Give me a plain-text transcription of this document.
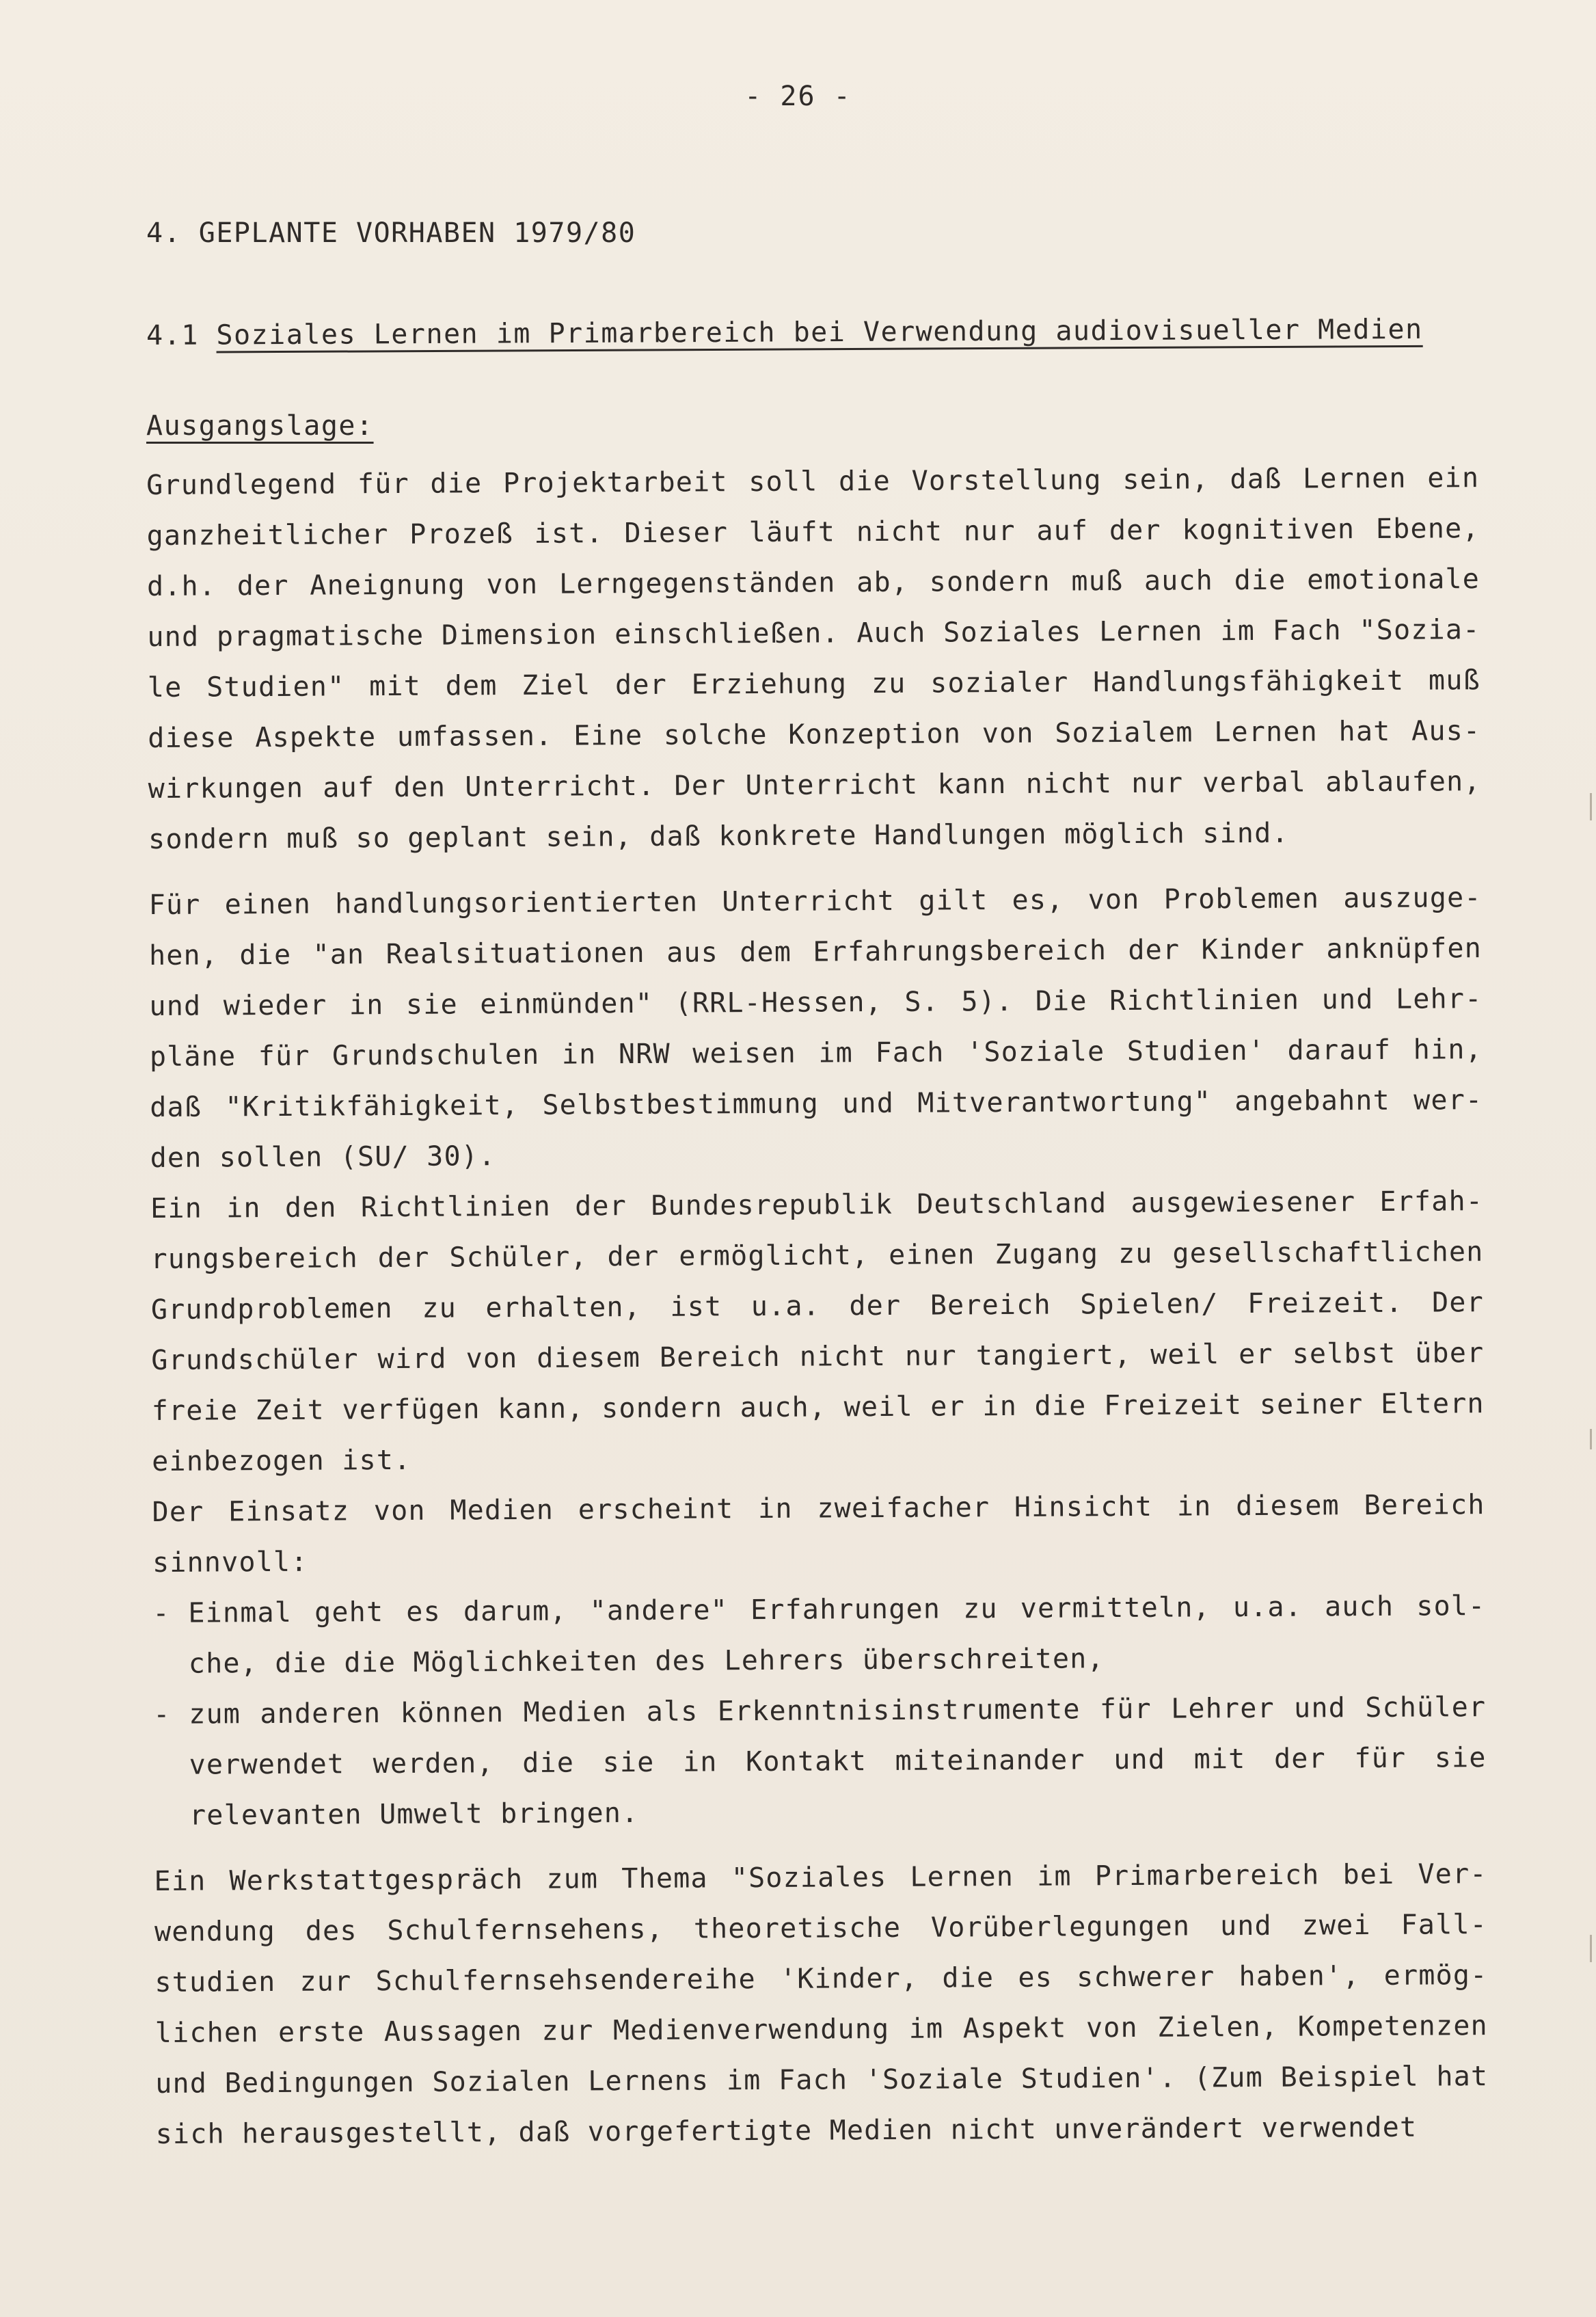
- 26 -
4. GEPLANTE VORHABEN 1979/80
4.1 Soziales Lernen im Primarbereich bei Verwendung audiovisueller Medien
Ausgangslage:

Grundlegend für die Projektarbeit soll die Vorstellung sein, daß Lernen ein ganzheitlicher Prozeß ist. Dieser läuft nicht nur auf der kognitiven Ebene, d.h. der Aneignung von Lerngegenständen ab, sondern muß auch die emotionale und pragmatische Dimension einschließen. Auch Soziales Lernen im Fach "Sozia-le Studien" mit dem Ziel der Erziehung zu sozialer Handlungsfähigkeit muß diese Aspekte umfassen. Eine solche Konzeption von Sozialem Lernen hat Aus-wirkungen auf den Unterricht. Der Unterricht kann nicht nur verbal ablaufen, sondern muß so geplant sein, daß konkrete Handlungen möglich sind.

Für einen handlungsorientierten Unterricht gilt es, von Problemen auszuge-hen, die "an Realsituationen aus dem Erfahrungsbereich der Kinder anknüpfen und wieder in sie einmünden" (RRL-Hessen, S. 5). Die Richtlinien und Lehr-pläne für Grundschulen in NRW weisen im Fach 'Soziale Studien' darauf hin, daß "Kritikfähigkeit, Selbstbestimmung und Mitverantwortung" angebahnt wer-den sollen (SU/ 30).

Ein in den Richtlinien der Bundesrepublik Deutschland ausgewiesener Erfah-rungsbereich der Schüler, der ermöglicht, einen Zugang zu gesellschaftlichen Grundproblemen zu erhalten, ist u.a. der Bereich Spielen/ Freizeit. Der Grundschüler wird von diesem Bereich nicht nur tangiert, weil er selbst über freie Zeit verfügen kann, sondern auch, weil er in die Freizeit seiner Eltern einbezogen ist.

Der Einsatz von Medien erscheint in zweifacher Hinsicht in diesem Bereich sinnvoll:

- Einmal geht es darum, "andere" Erfahrungen zu vermitteln, u.a. auch sol-che, die die Möglichkeiten des Lehrers überschreiten,
- zum anderen können Medien als Erkenntnisinstrumente für Lehrer und Schüler verwendet werden, die sie in Kontakt miteinander und mit der für sie relevanten Umwelt bringen.

Ein Werkstattgespräch zum Thema "Soziales Lernen im Primarbereich bei Ver-wendung des Schulfernsehens, theoretische Vorüberlegungen und zwei Fall-studien zur Schulfernsehsendereihe 'Kinder, die es schwerer haben', ermög-lichen erste Aussagen zur Medienverwendung im Aspekt von Zielen, Kompetenzen und Bedingungen Sozialen Lernens im Fach 'Soziale Studien'. (Zum Beispiel hat sich herausgestellt, daß vorgefertigte Medien nicht unverändert verwendet
